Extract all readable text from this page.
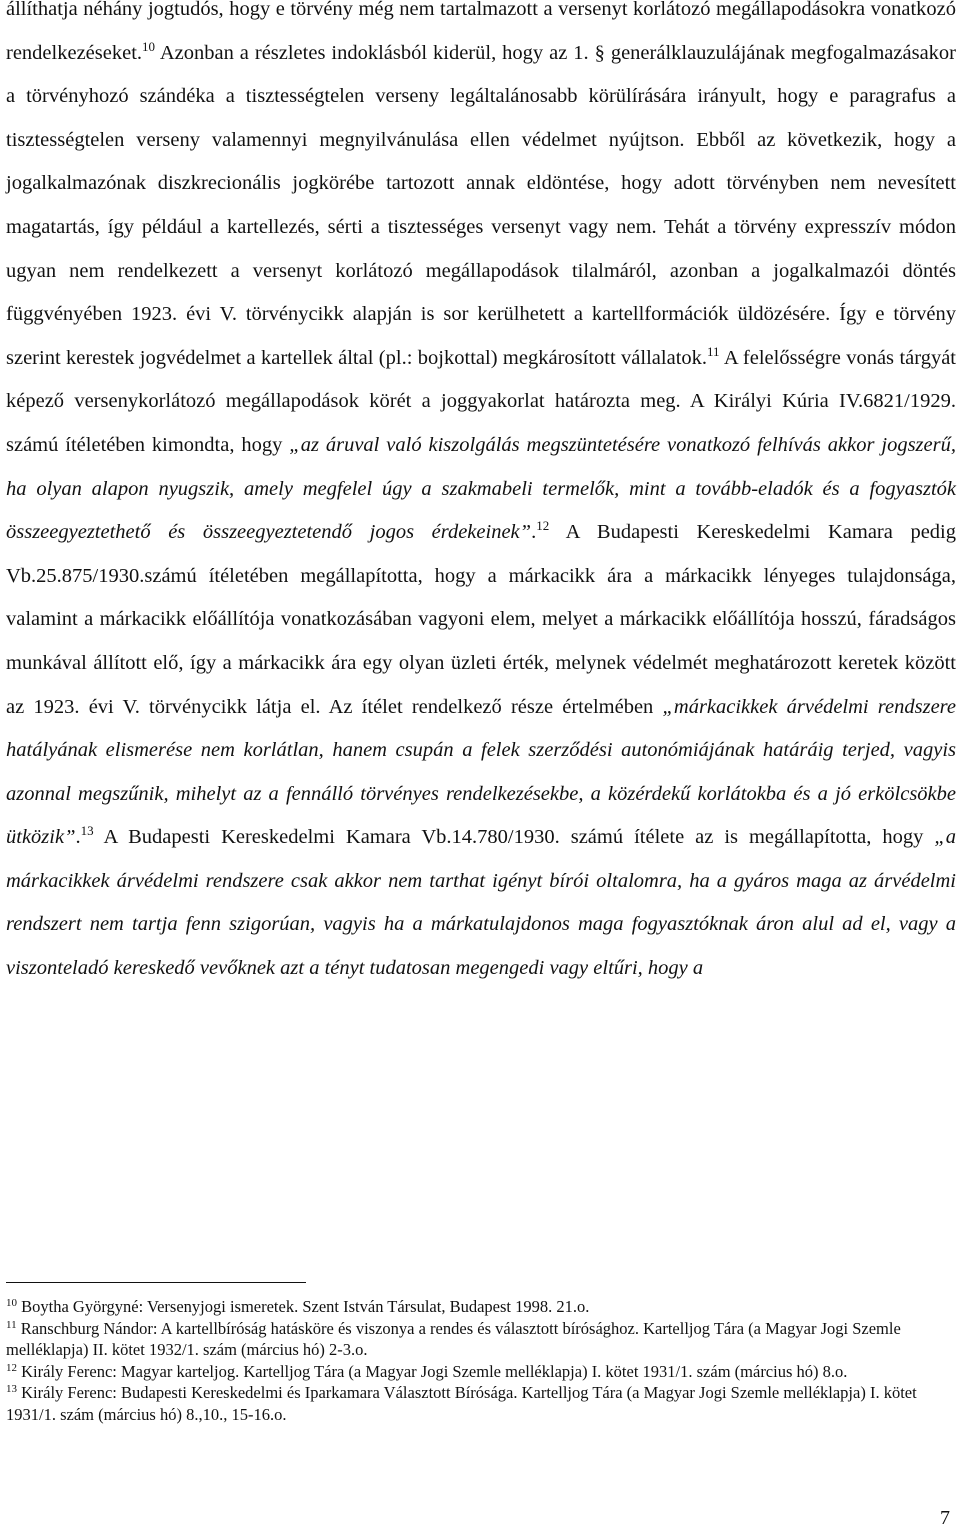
állíthatja néhány jogtudós, hogy e törvény még nem tartalmazott a versenyt korlátozó megállapodásokra vonatkozó rendelkezéseket.$^{10}$ Azonban a részletes indoklásból kiderül, hogy az 1. § generálklauzulájának megfogalmazásakor a törvényhozó szándéka a tisztességtelen verseny legáltalánosabb körülírására irányult, hogy e paragrafus a tisztességtelen verseny valamennyi megnyilvánulása ellen védelmet nyújtson. Ebből az következik, hogy a jogalkalmazónak diszkrecionális jogkörébe tartozott annak eldöntése, hogy adott törvényben nem nevesített magatartás, így például a kartellezés, sérti a tisztességes versenyt vagy nem. Tehát a törvény expresszív módon ugyan nem rendelkezett a versenyt korlátozó megállapodások tilalmáról, azonban a jogalkalmazói döntés függvényében 1923. évi V. törvénycikk alapján is sor kerülhetett a kartellformációk üldözésére. Így e törvény szerint kerestek jogvédelmet a kartellek által (pl.: bojkottal) megkárosított vállalatok.$^{11}$ A felelősségre vonás tárgyát képező versenykorlátozó megállapodások körét a joggyakorlat határozta meg. A Királyi Kúria IV.6821/1929. számú ítéletében kimondta, hogy „az áruval való kiszolgálás megszüntetésére vonatkozó felhívás akkor jogszerű, ha olyan alapon nyugszik, amely megfelel úgy a szakmabeli termelők, mint a tovább-eladók és a fogyasztók összeegyeztethető és összeegyeztetendő jogos érdekeinek”.$^{12}$ A Budapesti Kereskedelmi Kamara pedig Vb.25.875/1930.számú ítéletében megállapította, hogy a márkacikk ára a márkacikk lényeges tulajdonsága, valamint a márkacikk előállítója vonatkozásában vagyoni elem, melyet a márkacikk előállítója hosszú, fáradságos munkával állított elő, így a márkacikk ára egy olyan üzleti érték, melynek védelmét meghatározott keretek között az 1923. évi V. törvénycikk látja el. Az ítélet rendelkező része értelmében „márkacikkek árvédelmi rendszere hatályának elismerése nem korlátlan, hanem csupán a felek szerződési autonómiájának határáig terjed, vagyis azonnal megszűnik, mihelyt az a fennálló törvényes rendelkezésekbe, a közérdekű korlátokba és a jó erkölcsökbe ütközik”.$^{13}$ A Budapesti Kereskedelmi Kamara Vb.14.780/1930. számú ítélete az is megállapította, hogy „a márkacikkek árvédelmi rendszere csak akkor nem tarthat igényt bírói oltalomra, ha a gyáros maga az árvédelmi rendszert nem tartja fenn szigorúan, vagyis ha a márkatulajdonos maga fogyasztóknak áron alul ad el, vagy a viszonteladó kereskedő vevőknek azt a tényt tudatosan megengedi vagy eltűri, hogy a

$^{10}$ Boytha Györgyné: Versenyjogi ismeretek. Szent István Társulat, Budapest 1998. 21.o.
$^{11}$ Ranschburg Nándor: A kartellbíróság hatásköre és viszonya a rendes és választott bírósághoz. Kartelljog Tára (a Magyar Jogi Szemle melléklapja) II. kötet 1932/1. szám (március hó) 2-3.o.
$^{12}$ Király Ferenc: Magyar karteljog. Kartelljog Tára (a Magyar Jogi Szemle melléklapja) I. kötet 1931/1. szám (március hó) 8.o.
$^{13}$ Király Ferenc: Budapesti Kereskedelmi és Iparkamara Választott Bírósága. Kartelljog Tára (a Magyar Jogi Szemle melléklapja) I. kötet 1931/1. szám (március hó) 8.,10., 15-16.o.
7
